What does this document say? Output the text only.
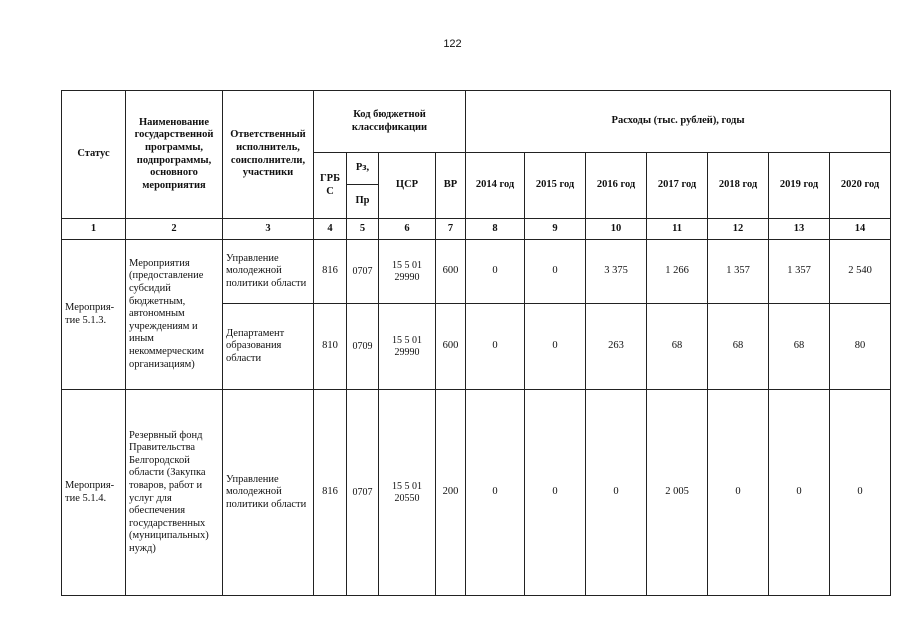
122
Статус	Наименование государственной программы, подпрограммы, основного мероприятия	Ответственный исполнитель, соисполнители, участники	Код бюджетной классификации				Расходы (тыс. рублей), годы						
			ГРБ С	Рз,	ЦСР	ВР	2014 год	2015 год	2016 год	2017 год	2018 год	2019 год	2020 год
				Пр									
1	2	3	4	5	6	7	8	9	10	11	12	13	14
Мероприя-тие 5.1.3.	Мероприятия (предоставление субсидий бюджетным, автономным учреждениям и иным некоммерческим организациям)	Управление молодежной политики области	816	0707	15 5 01 29990	600	0	0	3 375	1 266	1 357	1 357	2 540
		Департамент образования области	810	0709	15 5 01 29990	600	0	0	263	68	68	68	80
Мероприя-тие 5.1.4.	Резервный фонд Правительства Белгородской области (Закупка товаров, работ и услуг для обеспечения государственных (муниципальных) нужд)	Управление молодежной политики области	816	0707	15 5 01 20550	200	0	0	0	2 005	0	0	0
